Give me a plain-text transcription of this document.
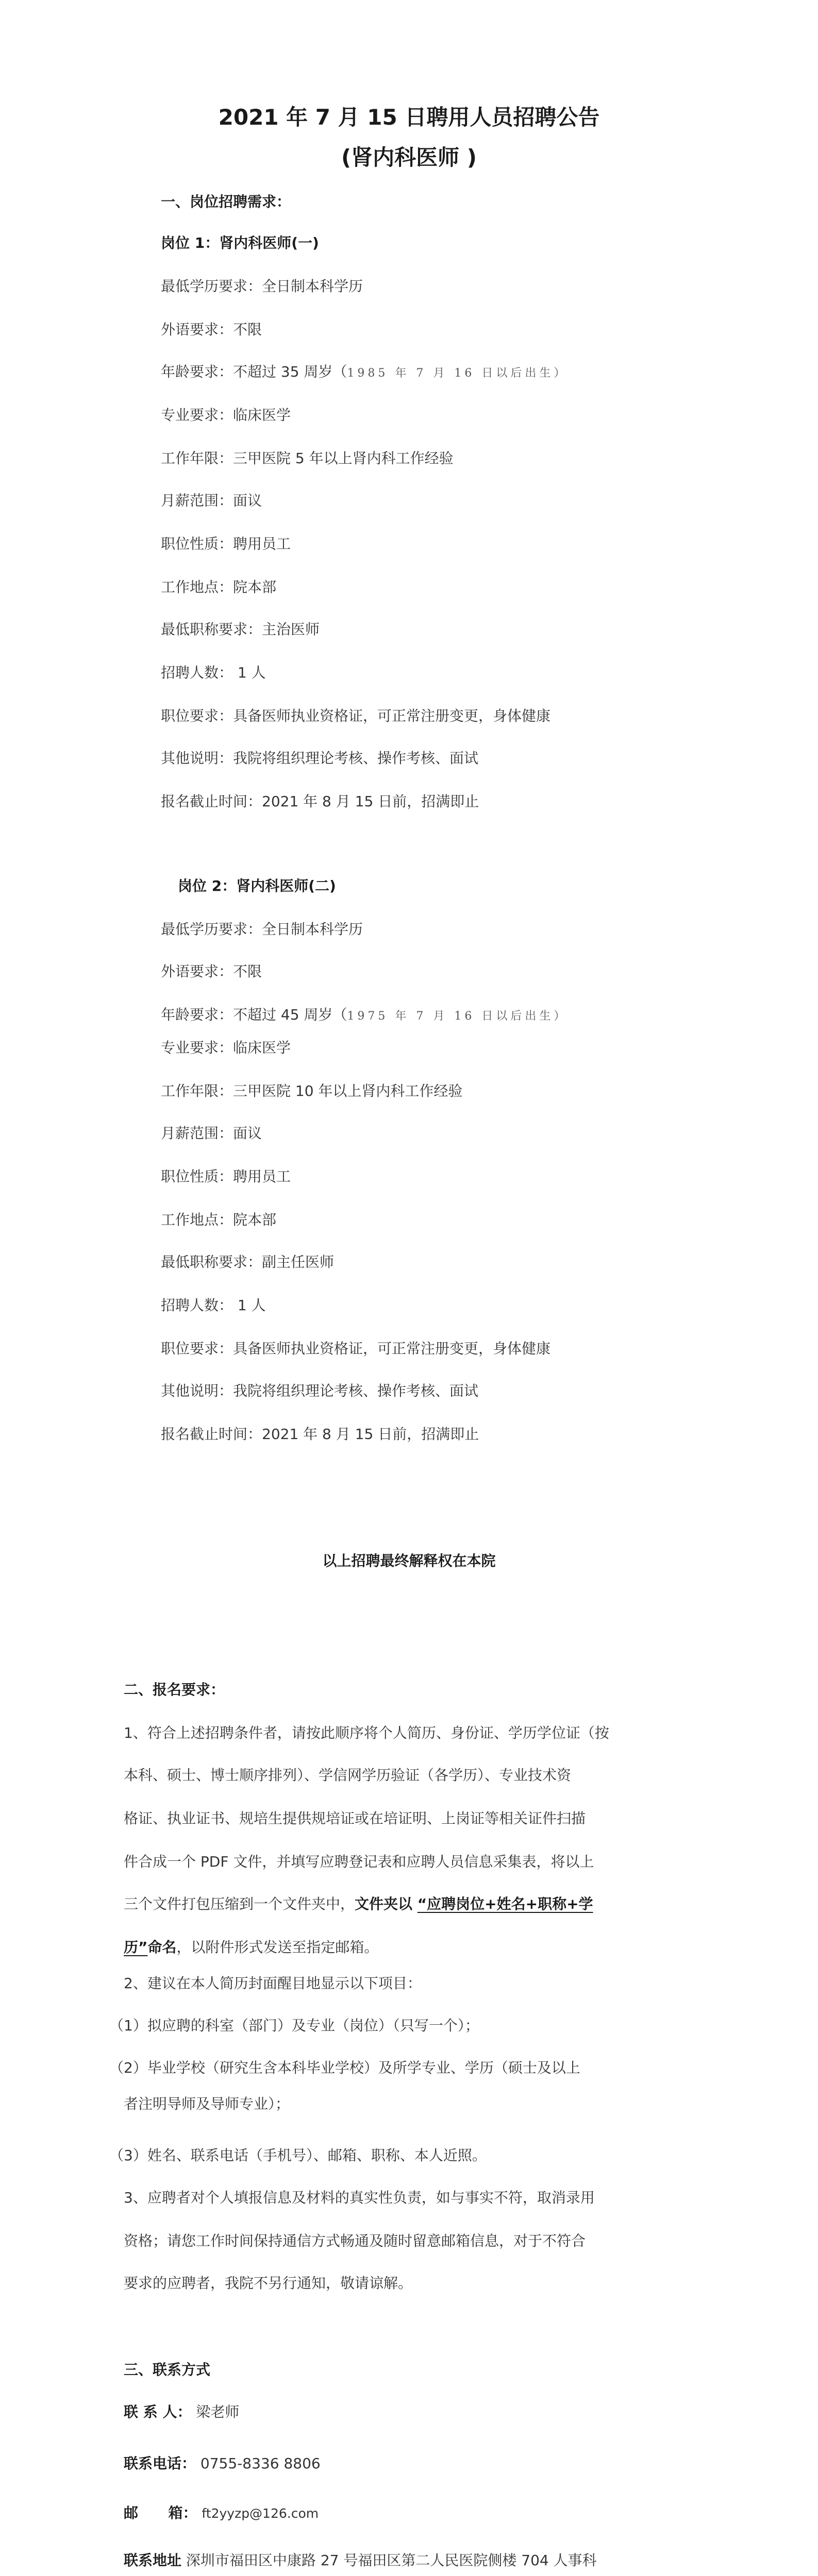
2021 年 7 月 15 日聘用人员招聘公告
(肾内科医师 )
一、岗位招聘需求：
岗位 1：肾内科医师(一)
最低学历要求：全日制本科学历
外语要求：不限
年龄要求：不超过 35 周岁（1985 年 7 月 16 日以后出生）
专业要求：临床医学
工作年限：三甲医院 5 年以上肾内科工作经验
月薪范围：面议
职位性质：聘用员工
工作地点：院本部
最低职称要求：主治医师
招聘人数： 1 人
职位要求：具备医师执业资格证，可正常注册变更，身体健康
其他说明：我院将组织理论考核、操作考核、面试
报名截止时间：2021 年 8 月 15 日前，招满即止
岗位 2：肾内科医师(二)
最低学历要求：全日制本科学历
外语要求：不限
年龄要求：不超过 45 周岁（1975 年 7 月 16 日以后出生）
专业要求：临床医学
工作年限：三甲医院 10 年以上肾内科工作经验
月薪范围：面议
职位性质：聘用员工
工作地点：院本部
最低职称要求：副主任医师
招聘人数： 1 人
职位要求：具备医师执业资格证，可正常注册变更，身体健康
其他说明：我院将组织理论考核、操作考核、面试
报名截止时间：2021 年 8 月 15 日前，招满即止
以上招聘最终解释权在本院
二、报名要求：
1、符合上述招聘条件者，请按此顺序将个人简历、身份证、学历学位证（按
本科、硕士、博士顺序排列）、学信网学历验证（各学历）、专业技术资
格证、执业证书、规培生提供规培证或在培证明、上岗证等相关证件扫描
件合成一个 PDF 文件，并填写应聘登记表和应聘人员信息采集表，将以上
三个文件打包压缩到一个文件夹中，文件夹以 “应聘岗位+姓名+职称+学
历”命名，以附件形式发送至指定邮箱。
2、建议在本人简历封面醒目地显示以下项目：
（1）拟应聘的科室（部门）及专业（岗位）（只写一个）；
（2）毕业学校（研究生含本科毕业学校）及所学专业、学历（硕士及以上
者注明导师及导师专业）；
（3）姓名、联系电话（手机号）、邮箱、职称、本人近照。
3、应聘者对个人填报信息及材料的真实性负责，如与事实不符，取消录用
资格；请您工作时间保持通信方式畅通及随时留意邮箱信息，对于不符合
要求的应聘者，我院不另行通知，敬请谅解。
三、联系方式
联 系 人： 梁老师
联系电话： 0755-8336 8806
邮      箱： ft2yyzp@126.com
联系地址 深圳市福田区中康路 27 号福田区第二人民医院侧楼 704 人事科
